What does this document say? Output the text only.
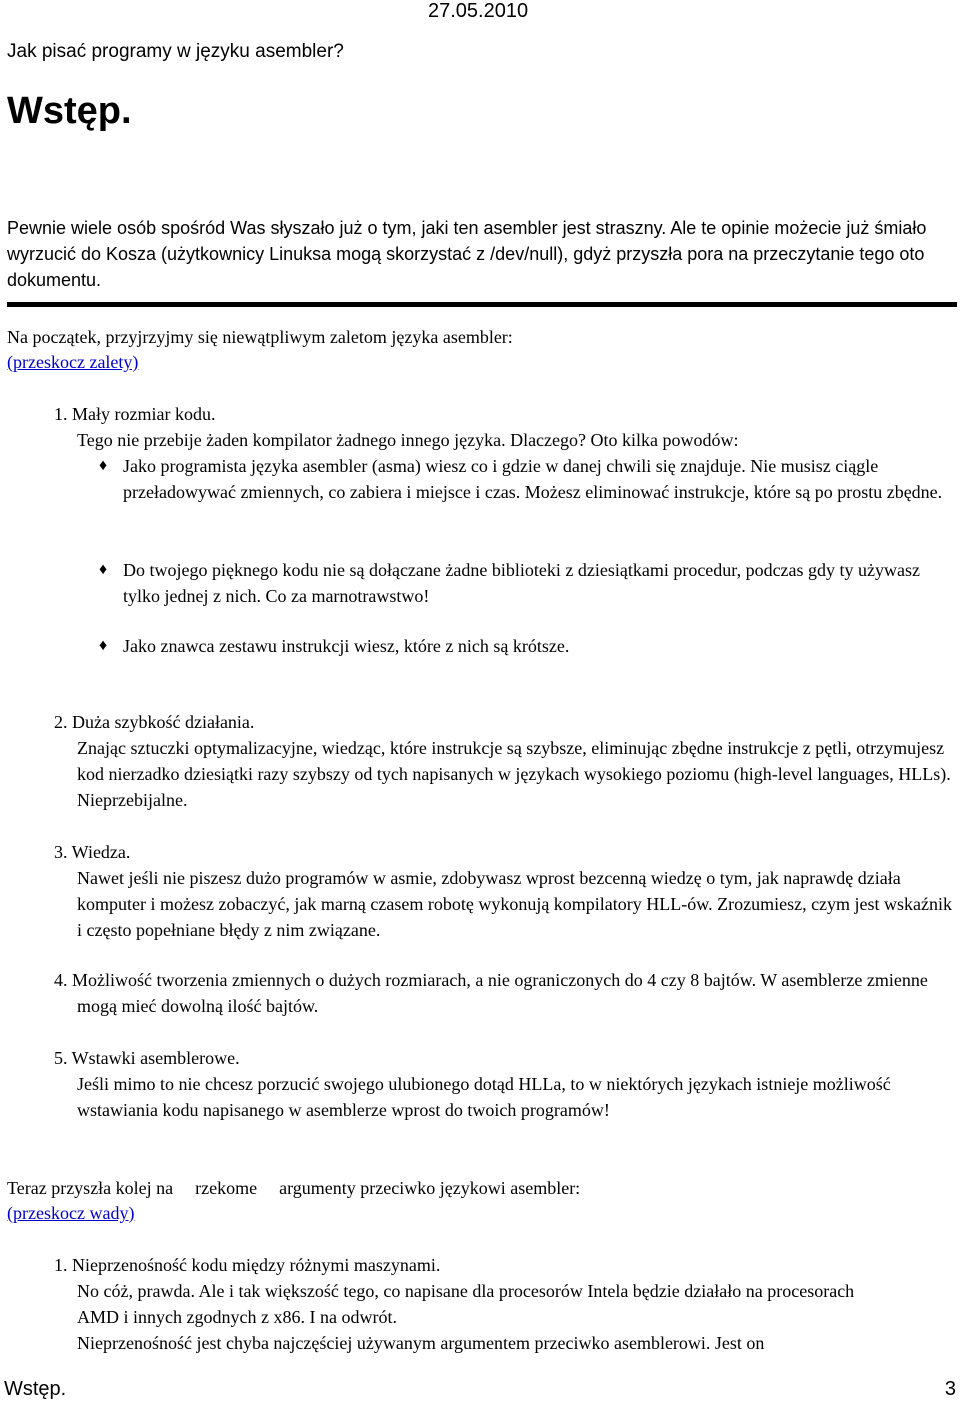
27.05.2010
Jak pisać programy w języku asembler?
Wstęp.

Pewnie wiele osób spośród Was słyszało już o tym, jaki ten asembler jest straszny. Ale te opinie możecie już śmiało wyrzucić do Kosza (użytkownicy Linuksa mogą skorzystać z /dev/null), gdyż przyszła pora na przeczytanie tego oto dokumentu.

Na początek, przyjrzyjmy się niewątpliwym zaletom języka asembler:

(przeskocz zalety)
1. Mały rozmiar kodu.
Tego nie przebije żaden kompilator żadnego innego języka. Dlaczego? Oto kilka powodów:
♦ Jako programista języka asembler (asma) wiesz co i gdzie w danej chwili się znajduje. Nie musisz ciągle przeładowywać zmiennych, co zabiera i miejsce i czas. Możesz eliminować instrukcje, które są po prostu zbędne.
♦ Do twojego pięknego kodu nie są dołączane żadne biblioteki z dziesiątkami procedur, podczas gdy ty używasz tylko jednej z nich. Co za marnotrawstwo!
♦ Jako znawca zestawu instrukcji wiesz, które z nich są krótsze.
2. Duża szybkość działania.
Znając sztuczki optymalizacyjne, wiedząc, które instrukcje są szybsze, eliminując zbędne instrukcje z pętli, otrzymujesz kod nierzadko dziesiątki razy szybszy od tych napisanych w językach wysokiego poziomu (high-level languages, HLLs). Nieprzebijalne.
3. Wiedza.
Nawet jeśli nie piszesz dużo programów w asmie, zdobywasz wprost bezcenną wiedzę o tym, jak naprawdę działa komputer i możesz zobaczyć, jak marną czasem robotę wykonują kompilatory HLL-ów. Zrozumiesz, czym jest wskaźnik i często popełniane błędy z nim związane.
4. Możliwość tworzenia zmiennych o dużych rozmiarach, a nie ograniczonych do 4 czy 8 bajtów. W asemblerze zmienne mogą mieć dowolną ilość bajtów.
5. Wstawki asemblerowe.
Jeśli mimo to nie chcesz porzucić swojego ulubionego dotąd HLLa, to w niektórych językach istnieje możliwość wstawiania kodu napisanego w asemblerze wprost do twoich programów!

Teraz przyszła kolej na rzekome argumenty przeciwko językowi asembler:

(przeskocz wady)
1. Nieprzenośność kodu między różnymi maszynami.
No cóż, prawda. Ale i tak większość tego, co napisane dla procesorów Intela będzie działało na procesorach AMD i innych zgodnych z x86. I na odwrót.
Nieprzenośność jest chyba najczęściej używanym argumentem przeciwko asemblerowi. Jest on
Wstęp.	3
